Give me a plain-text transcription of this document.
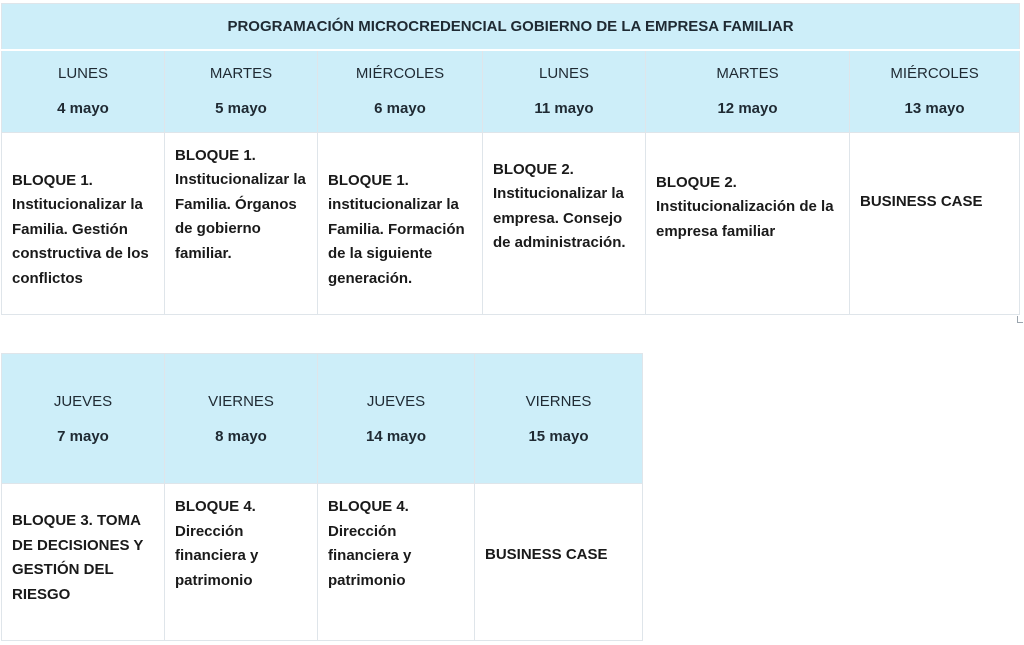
PROGRAMACIÓN MICROCREDENCIAL GOBIERNO DE LA EMPRESA FAMILIAR					

LUNES
4 mayo	MARTES
5 mayo	MIÉRCOLES
6 mayo	LUNES
11 mayo	MARTES
12 mayo	MIÉRCOLES
13 mayo

BLOQUE 1.
Institucionalizar la
Familia. Gestión
constructiva de los
conflictos	BLOQUE 1.
Institucionalizar la
Familia. Órganos
de gobierno
familiar.	BLOQUE 1.
institucionalizar la
Familia. Formación
de la siguiente
generación.	BLOQUE 2.
Institucionalizar la
empresa. Consejo
de administración.	BLOQUE 2.
Institucionalización de la
empresa familiar	BUSINESS CASE
JUEVES
7 mayo	VIERNES
8 mayo	JUEVES
14 mayo	VIERNES
15 mayo

BLOQUE 3. TOMA
DE DECISIONES Y
GESTIÓN DEL
RIESGO	BLOQUE 4.
Dirección
financiera y
patrimonio	BLOQUE 4.
Dirección
financiera y
patrimonio	BUSINESS CASE
